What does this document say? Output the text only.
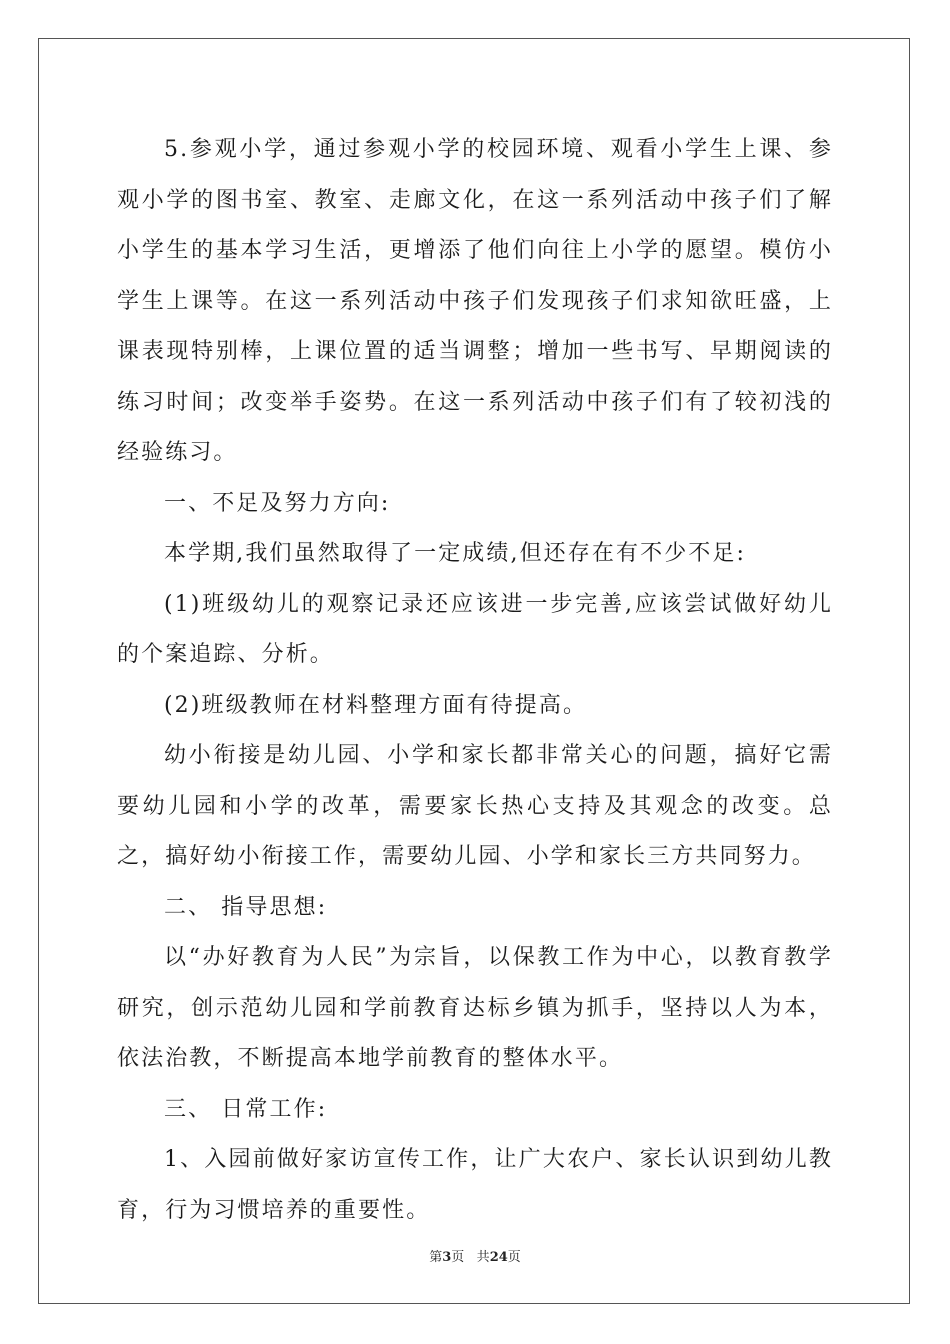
5.参观小学，通过参观小学的校园环境、观看小学生上课、参观小学的图书室、教室、走廊文化，在这一系列活动中孩子们了解小学生的基本学习生活，更增添了他们向往上小学的愿望。模仿小学生上课等。在这一系列活动中孩子们发现孩子们求知欲旺盛，上课表现特别棒，上课位置的适当调整；增加一些书写、早期阅读的练习时间；改变举手姿势。在这一系列活动中孩子们有了较初浅的经验练习。

一、不足及努力方向:

本学期,我们虽然取得了一定成绩,但还存在有不少不足:

(1)班级幼儿的观察记录还应该进一步完善,应该尝试做好幼儿的个案追踪、分析。

(2)班级教师在材料整理方面有待提高。

幼小衔接是幼儿园、小学和家长都非常关心的问题，搞好它需要幼儿园和小学的改革，需要家长热心支持及其观念的改变。总之，搞好幼小衔接工作，需要幼儿园、小学和家长三方共同努力。

二、 指导思想:

以“办好教育为人民”为宗旨，以保教工作为中心，以教育教学研究，创示范幼儿园和学前教育达标乡镇为抓手，坚持以人为本，依法治教，不断提高本地学前教育的整体水平。

三、 日常工作:

1、入园前做好家访宣传工作，让广大农户、家长认识到幼儿教育，行为习惯培养的重要性。

第3页 共24页
